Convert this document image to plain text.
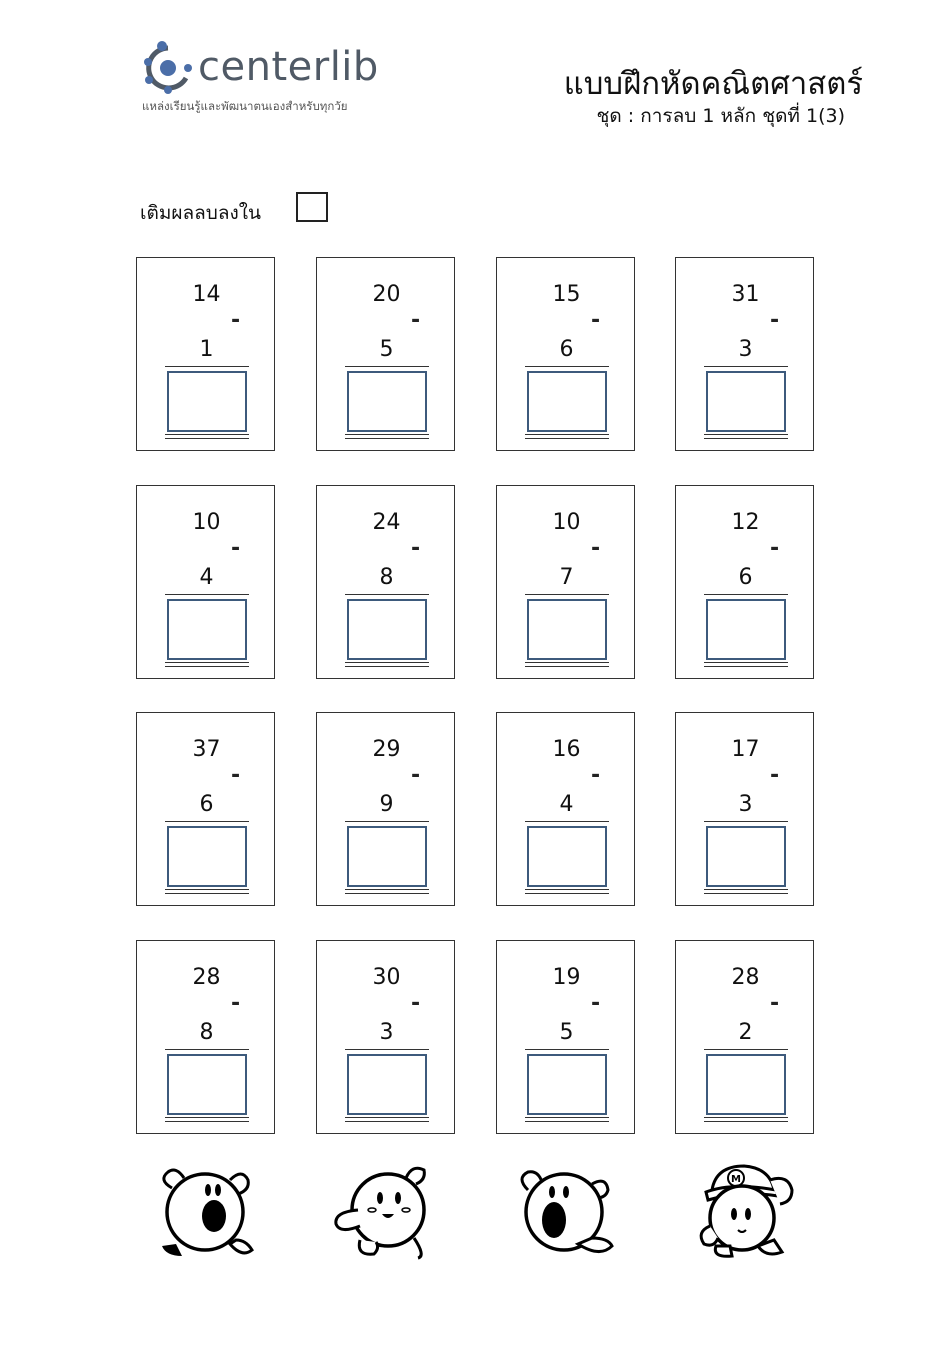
centerlib
แหล่งเรียนรู้และพัฒนาตนเองสำหรับทุกวัย
แบบฝึกหัดคณิตศาสตร์
ชุด : การลบ 1 หลัก ชุดที่ 1(3)
เติมผลลบลงใน
14
-
1
20
-
5
15
-
6
31
-
3
10
-
4
24
-
8
10
-
7
12
-
6
37
-
6
29
-
9
16
-
4
17
-
3
28
-
8
30
-
3
19
-
5
28
-
2
M
